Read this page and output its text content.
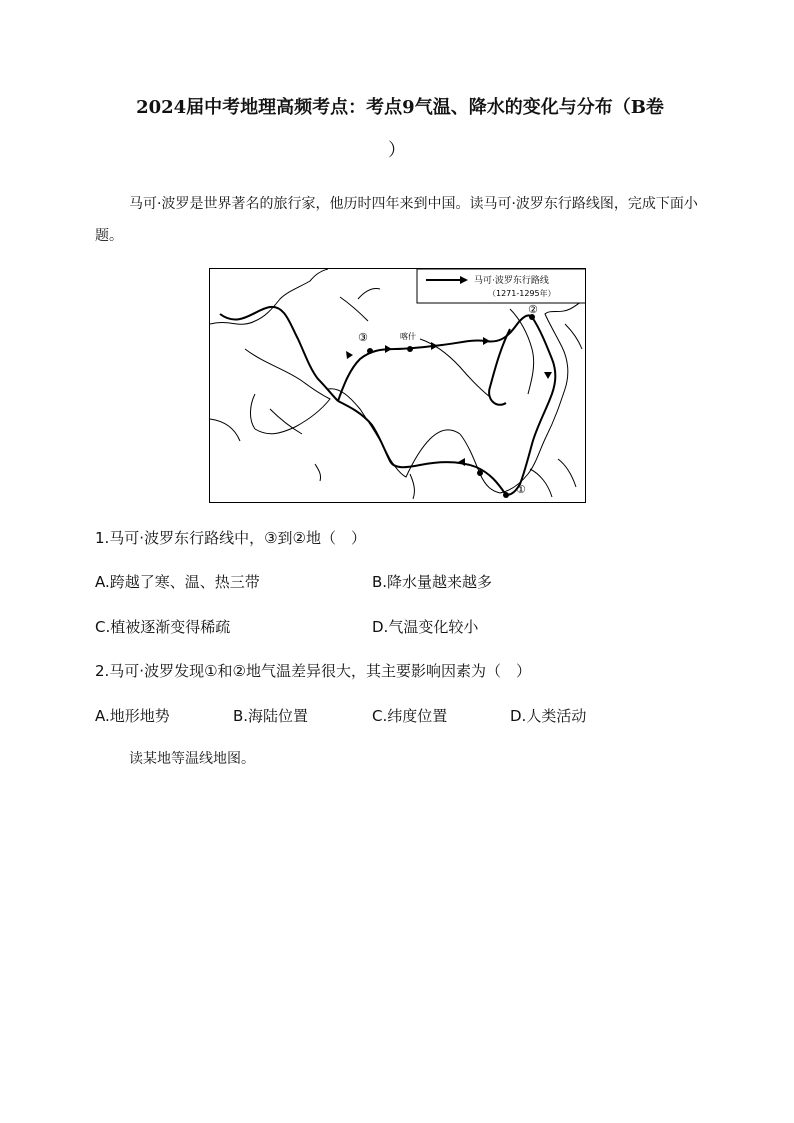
2024届中考地理高频考点：考点9气温、降水的变化与分布（B卷
）
马可·波罗是世界著名的旅行家，他历时四年来到中国。读马可·波罗东行路线图，完成下面小题。
马可·波罗东行路线
（1271-1295年）
③	喀什
②
①
1.马可·波罗东行路线中，③到②地（　）
A.跨越了寒、温、热三带	B.降水量越来越多
C.植被逐渐变得稀疏	D.气温变化较小
2.马可·波罗发现①和②地气温差异很大，其主要影响因素为（　）
A.地形地势	B.海陆位置	C.纬度位置	D.人类活动
读某地等温线地图。
